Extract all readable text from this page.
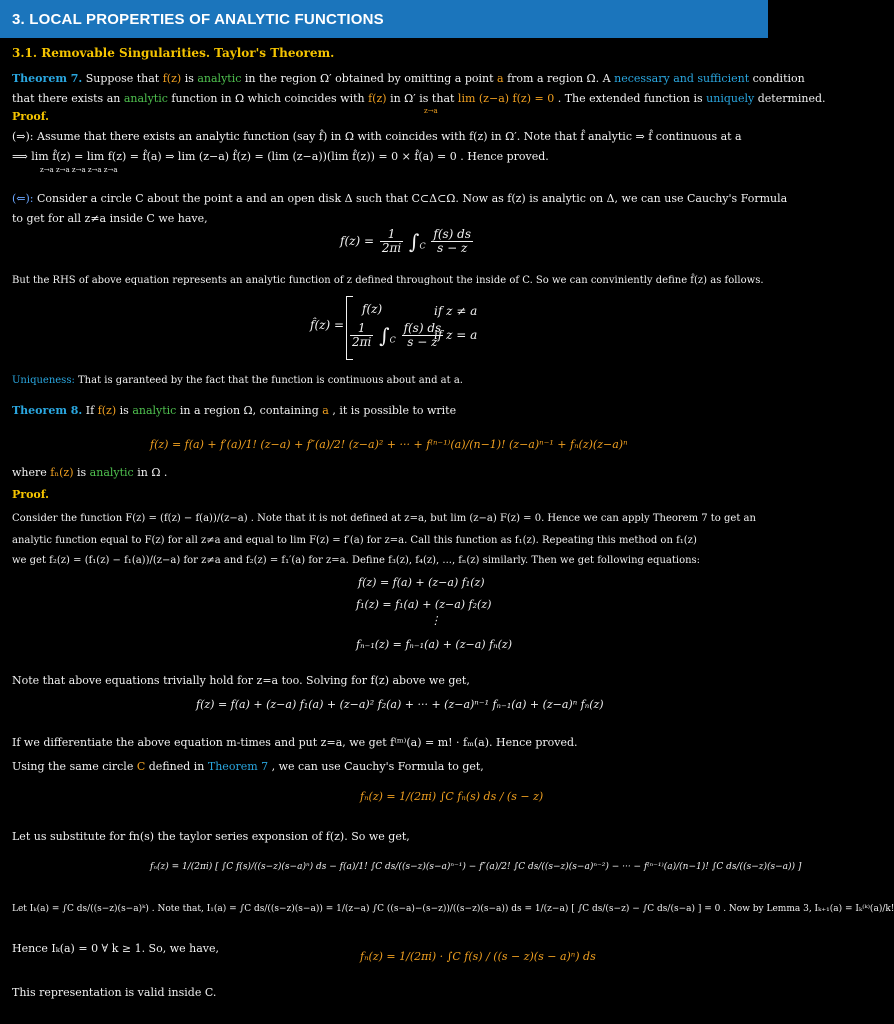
3. LOCAL PROPERTIES OF ANALYTIC FUNCTIONS
3.1. Removable Singularities. Taylor's Theorem.
Theorem 7. Suppose that f(z) is analytic in the region Ω′ obtained by omitting a point a from a region Ω. A necessary and sufficient condition
that there exists an analytic function in Ω which coincides with f(z) in Ω′ is that lim (z−a) f(z) = 0 . The extended function is uniquely determined.
z→a
Proof.
(⇒): Assume that there exists an analytic function (say f̂) in Ω with coincides with f(z) in Ω′. Note that f̂ analytic ⇒ f̂ continuous at a
⟹ lim f̂(z) = lim f(z) = f̂(a) ⇒ lim (z−a) f̂(z) = (lim (z−a))(lim f̂(z)) = 0 × f̂(a) = 0 . Hence proved.
z→a z→a z→a z→a z→a
(⇐): Consider a circle C about the point a and an open disk Δ such that C⊂Δ⊂Ω. Now as f(z) is analytic on Δ, we can use Cauchy's Formula
to get for all z≠a inside C we have,
$f(z) = \frac{1}{2\pi i} \int_C \frac{f(s) ds}{s - z}$
But the RHS of above equation represents an analytic function of z defined throughout the inside of C. So we can conviniently define f̂(z) as follows.
f̂(z) =
f(z)
$\frac{1}{2\pi i} \int_C \frac{f(s) ds}{s - z}$
if z ≠ a
if z = a
Uniqueness: That is garanteed by the fact that the function is continuous about and at a.
Theorem 8. If f(z) is analytic in a region Ω, containing a , it is possible to write
f(z) = f(a) + f′(a)/1! (z−a) + f″(a)/2! (z−a)² + ··· + f⁽ⁿ⁻¹⁾(a)/(n−1)! (z−a)ⁿ⁻¹ + fₙ(z)(z−a)ⁿ
where fₙ(z) is analytic in Ω .
Proof.
Consider the function F(z) = (f(z) − f(a))/(z−a) . Note that it is not defined at z=a, but lim (z−a) F(z) = 0. Hence we can apply Theorem 7 to get an
analytic function equal to F(z) for all z≠a and equal to lim F(z) = f′(a) for z=a. Call this function as f₁(z). Repeating this method on f₁(z)
we get f₂(z) = (f₁(z) − f₁(a))/(z−a) for z≠a and f₂(z) = f₁′(a) for z=a. Define f₃(z), f₄(z), ..., fₙ(z) similarly. Then we get following equations:
f(z) = f(a) + (z−a) f₁(z)
f₁(z) = f₁(a) + (z−a) f₂(z)
⋮
fₙ₋₁(z) = fₙ₋₁(a) + (z−a) fₙ(z)
Note that above equations trivially hold for z=a too. Solving for f(z) above we get,
f(z) = f(a) + (z−a) f₁(a) + (z−a)² f₂(a) + ··· + (z−a)ⁿ⁻¹ fₙ₋₁(a) + (z−a)ⁿ fₙ(z)
If we differentiate the above equation m-times and put z=a, we get f⁽ᵐ⁾(a) = m! · fₘ(a). Hence proved.
Using the same circle C defined in Theorem 7 , we can use Cauchy's Formula to get,
fₙ(z) = 1/(2πi) ∫C fₙ(s) ds / (s − z)
Let us substitute for fn(s) the taylor series exponsion of f(z). So we get,
fₙ(z) = 1/(2πi) [ ∫C f(s)/((s−z)(s−a)ⁿ) ds − f(a)/1! ∫C ds/((s−z)(s−a)ⁿ⁻¹) − f″(a)/2! ∫C ds/((s−z)(s−a)ⁿ⁻²) − ··· − f⁽ⁿ⁻¹⁾(a)/(n−1)! ∫C ds/((s−z)(s−a)) ]
Let Iₖ(a) = ∫C ds/((s−z)(s−a)ᵏ) . Note that, I₁(a) = ∫C ds/((s−z)(s−a)) = 1/(z−a) ∫C ((s−a)−(s−z))/((s−z)(s−a)) ds = 1/(z−a) [ ∫C ds/(s−z) − ∫C ds/(s−a) ] = 0 . Now by Lemma 3, Iₖ₊₁(a) = Iₖ⁽ᵏ⁾(a)/k!
Hence Iₖ(a) = 0 ∀ k ≥ 1. So, we have,
fₙ(z) = 1/(2πi) · ∫C f(s) / ((s − z)(s − a)ⁿ) ds
This representation is valid inside C.
